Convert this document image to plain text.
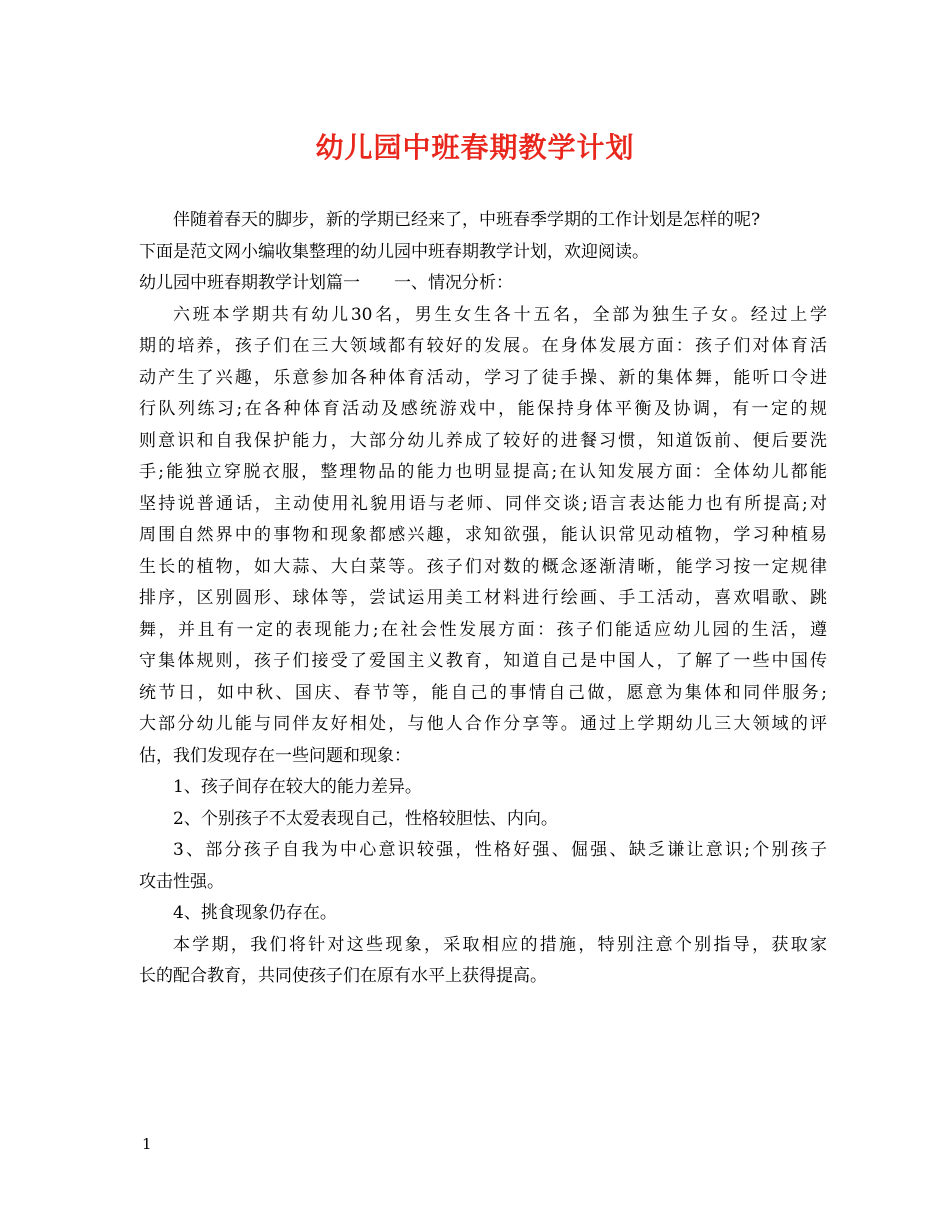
幼儿园中班春期教学计划
伴随着春天的脚步，新的学期已经来了，中班春季学期的工作计划是怎样的呢?
下面是范文网小编收集整理的幼儿园中班春期教学计划，欢迎阅读。
幼儿园中班春期教学计划篇一 一、情况分析：
六班本学期共有幼儿30名，男生女生各十五名，全部为独生子女。经过上学
期的培养，孩子们在三大领域都有较好的发展。在身体发展方面：孩子们对体育活
动产生了兴趣，乐意参加各种体育活动，学习了徒手操、新的集体舞，能听口令进
行队列练习;在各种体育活动及感统游戏中，能保持身体平衡及协调，有一定的规
则意识和自我保护能力，大部分幼儿养成了较好的进餐习惯，知道饭前、便后要洗
手;能独立穿脱衣服，整理物品的能力也明显提高;在认知发展方面：全体幼儿都能
坚持说普通话，主动使用礼貌用语与老师、同伴交谈;语言表达能力也有所提高;对
周围自然界中的事物和现象都感兴趣，求知欲强，能认识常见动植物，学习种植易
生长的植物，如大蒜、大白菜等。孩子们对数的概念逐渐清晰，能学习按一定规律
排序，区别圆形、球体等，尝试运用美工材料进行绘画、手工活动，喜欢唱歌、跳
舞，并且有一定的表现能力;在社会性发展方面：孩子们能适应幼儿园的生活，遵
守集体规则，孩子们接受了爱国主义教育，知道自己是中国人，了解了一些中国传
统节日，如中秋、国庆、春节等，能自己的事情自己做，愿意为集体和同伴服务;
大部分幼儿能与同伴友好相处，与他人合作分享等。通过上学期幼儿三大领域的评
估，我们发现存在一些问题和现象：
1、孩子间存在较大的能力差异。
2、个别孩子不太爱表现自己，性格较胆怯、内向。
3、部分孩子自我为中心意识较强，性格好强、倔强、缺乏谦让意识;个别孩子
攻击性强。
4、挑食现象仍存在。
本学期，我们将针对这些现象，采取相应的措施，特别注意个别指导，获取家
长的配合教育，共同使孩子们在原有水平上获得提高。
1
